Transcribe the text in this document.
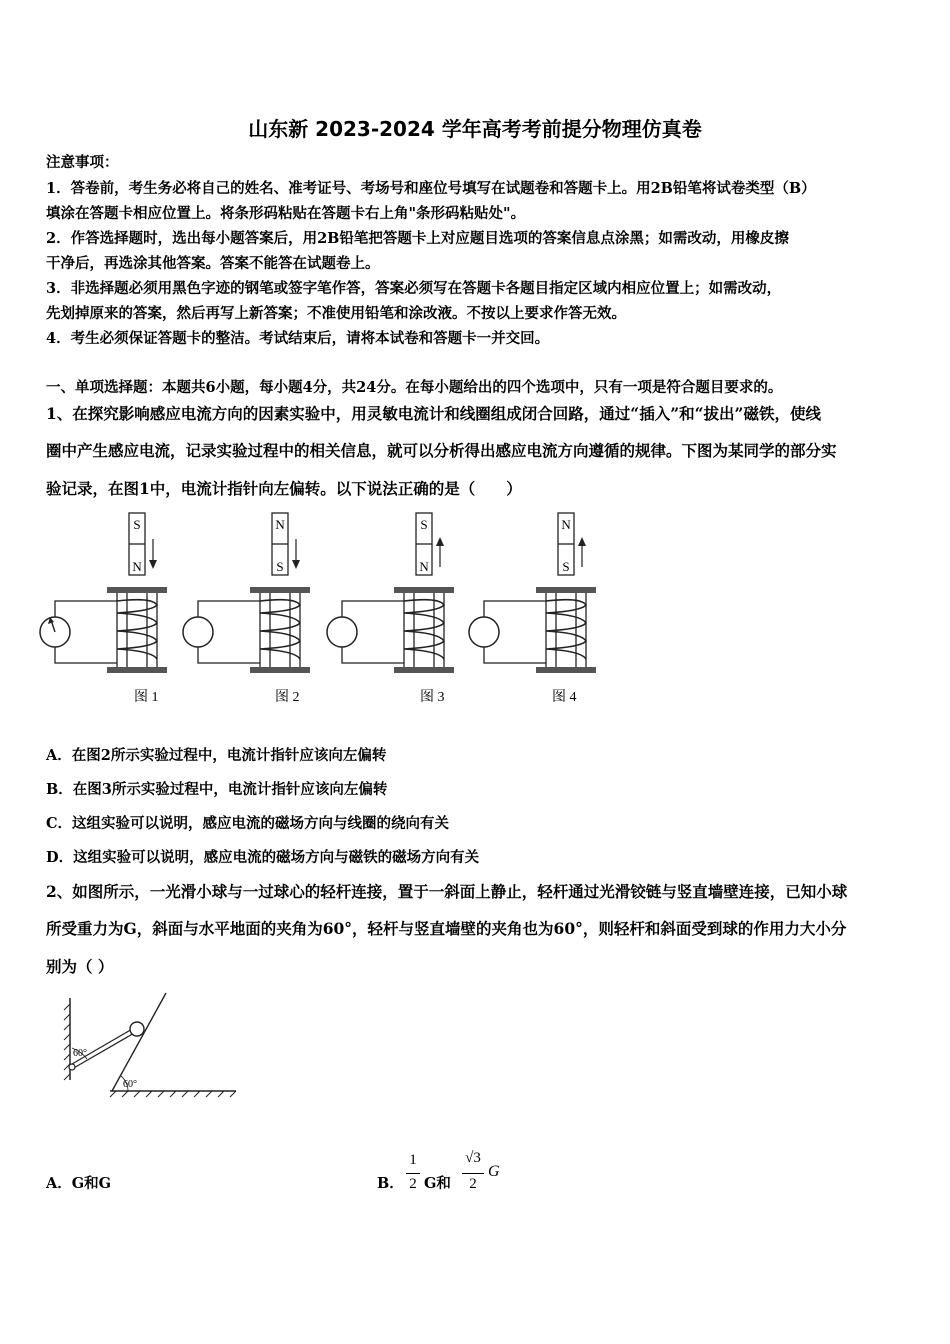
山东新 2023-2024 学年高考考前提分物理仿真卷
注意事项：
1．答卷前，考生务必将自己的姓名、准考证号、考场号和座位号填写在试题卷和答题卡上。用2B铅笔将试卷类型（B）
填涂在答题卡相应位置上。将条形码粘贴在答题卡右上角"条形码粘贴处"。
2．作答选择题时，选出每小题答案后，用2B铅笔把答题卡上对应题目选项的答案信息点涂黑；如需改动，用橡皮擦
干净后，再选涂其他答案。答案不能答在试题卷上。
3．非选择题必须用黑色字迹的钢笔或签字笔作答，答案必须写在答题卡各题目指定区域内相应位置上；如需改动，
先划掉原来的答案，然后再写上新答案；不准使用铅笔和涂改液。不按以上要求作答无效。
4．考生必须保证答题卡的整洁。考试结束后，请将本试卷和答题卡一并交回。
一、单项选择题：本题共6小题，每小题4分，共24分。在每小题给出的四个选项中，只有一项是符合题目要求的。
1、在探究影响感应电流方向的因素实验中，用灵敏电流计和线圈组成闭合回路，通过“插入”和“拔出”磁铁，使线
圈中产生感应电流，记录实验过程中的相关信息，就可以分析得出感应电流方向遵循的规律。下图为某同学的部分实
验记录，在图1中，电流计指针向左偏转。以下说法正确的是（　　）
S
N
N
S
S
N
N
S
图 1	图 2	图 3	图 4
A．在图2所示实验过程中，电流计指针应该向左偏转
B．在图3所示实验过程中，电流计指针应该向左偏转
C．这组实验可以说明，感应电流的磁场方向与线圈的绕向有关
D．这组实验可以说明，感应电流的磁场方向与磁铁的磁场方向有关
2、如图所示，一光滑小球与一过球心的轻杆连接，置于一斜面上静止，轻杆通过光滑铰链与竖直墙壁连接，已知小球
所受重力为G，斜面与水平地面的夹角为60°，轻杆与竖直墙壁的夹角也为60°，则轻杆和斜面受到球的作用力大小分
别为（ ）
60°
60°
A．G和G	B．
1
2 G和
√3
2
G
